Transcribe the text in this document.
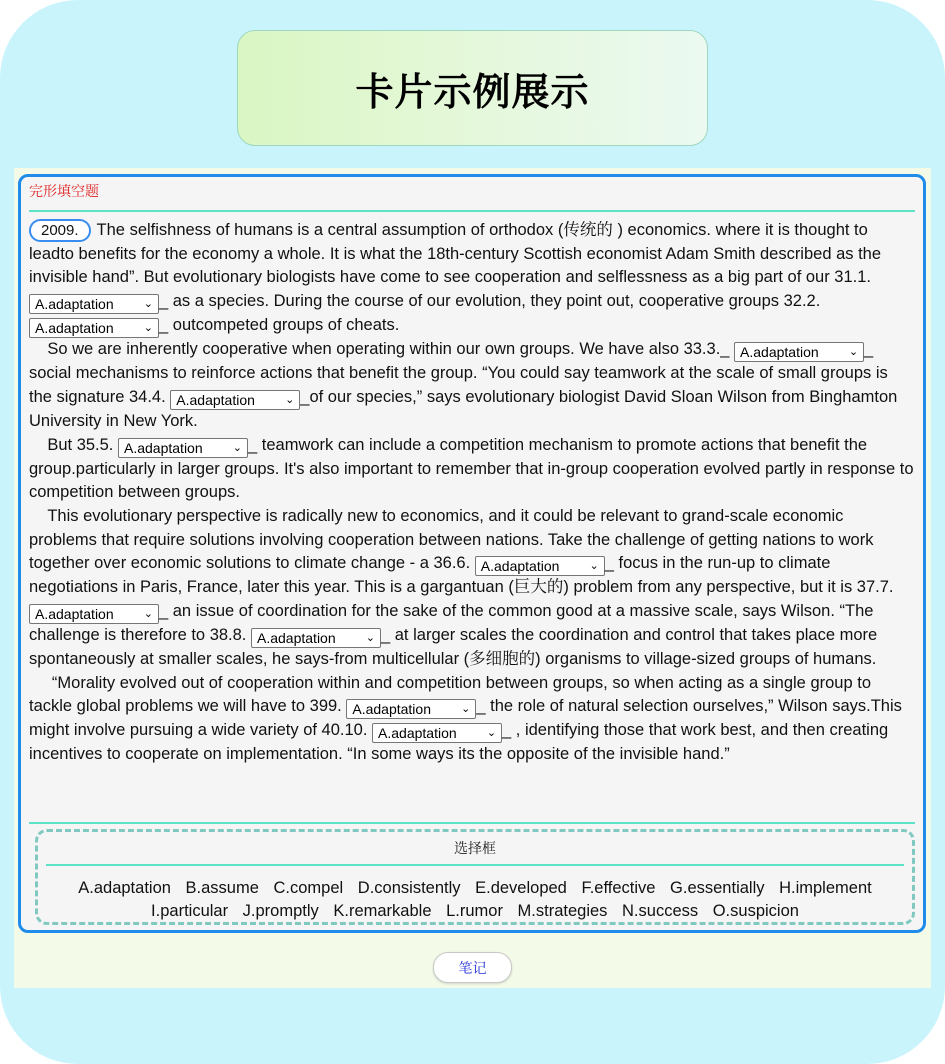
卡片示例展示
完形填空题

2009. The selfishness of humans is a central assumption of orthodox (传统的 ) economics. where it is thought to leadto benefits for the economy a whole. It is what the 18th-century Scottish economist Adam Smith described as the invisible hand”. But evolutionary biologists have come to see cooperation and selflessness as a big part of our 31.1.
A.adaptation	⌄ _ as a species. During the course of our evolution, they point out, cooperative groups 32.2.
A.adaptation	⌄ _ outcompeted groups of cheats.

So we are inherently cooperative when operating within our own groups. We have also 33.3._ A.adaptation	⌄ _ social mechanisms to reinforce actions that benefit the group. “You could say teamwork at the scale of small groups is the signature 34.4. A.adaptation	⌄ _of our species,” says evolutionary biologist David Sloan Wilson from Binghamton University in New York.

But 35.5. A.adaptation	⌄ _ teamwork can include a competition mechanism to promote actions that benefit the group.particularly in larger groups. It's also important to remember that in-group cooperation evolved partly in response to competition between groups.

This evolutionary perspective is radically new to economics, and it could be relevant to grand-scale economic problems that require solutions involving cooperation between nations. Take the challenge of getting nations to work together over economic solutions to climate change - a 36.6. A.adaptation	⌄ _ focus in the run-up to climate negotiations in Paris, France, later this year. This is a gargantuan (巨大的) problem from any perspective, but it is 37.7.
A.adaptation	⌄ _ an issue of coordination for the sake of the common good at a massive scale, says Wilson. “The challenge is therefore to 38.8. A.adaptation	⌄ _ at larger scales the coordination and control that takes place more spontaneously at smaller scales, he says-from multicellular (多细胞的) organisms to village-sized groups of humans.

“Morality evolved out of cooperation within and competition between groups, so when acting as a single group to tackle global problems we will have to 399. A.adaptation	⌄ _ the role of natural selection ourselves,” Wilson says.This might involve pursuing a wide variety of 40.10. A.adaptation	⌄ _ , identifying those that work best, and then creating incentives to cooperate on implementation. “In some ways its the opposite of the invisible hand.”

选择框
A.adaptation B.assume C.compel D.consistently E.developed F.effective G.essentially H.implement I.particular J.promptly K.remarkable L.rumor M.strategies N.success O.suspicion
笔记
